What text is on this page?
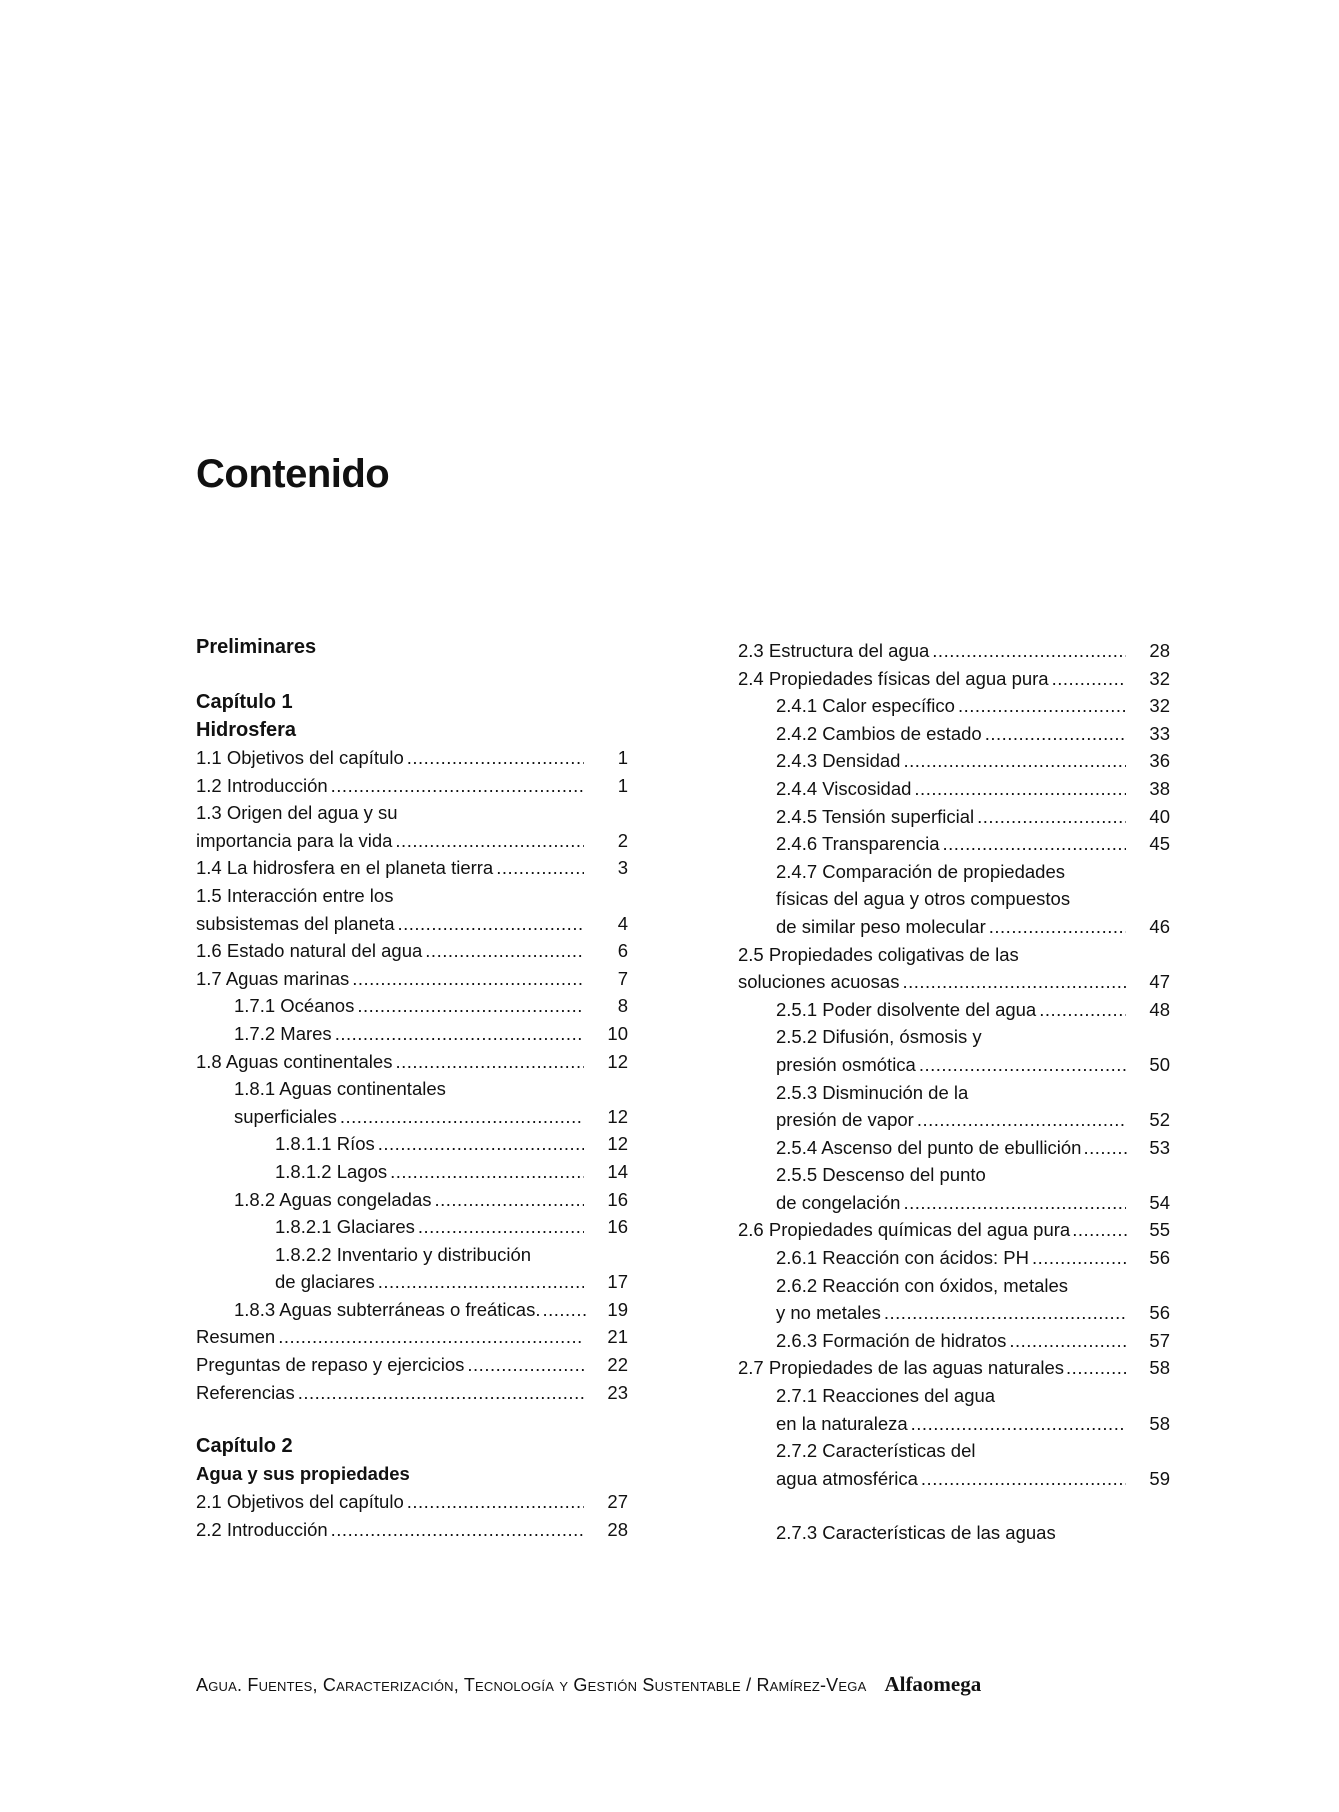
Contenido
Preliminares
Capítulo 1
Hidrosfera
1.1 Objetivos del capítulo .....	1
1.2 Introducción .....	1
1.3 Origen del agua y su
importancia para la vida .....	2
1.4 La hidrosfera en el planeta tierra .....	3
1.5 Interacción entre los
subsistemas del planeta .....	4
1.6 Estado natural del agua .....	6
1.7 Aguas marinas .....	7
1.7.1 Océanos .....	8
1.7.2 Mares .....	10
1.8 Aguas continentales .....	12
1.8.1 Aguas continentales
superficiales .....	12
1.8.1.1 Ríos .....	12
1.8.1.2 Lagos .....	14
1.8.2 Aguas congeladas .....	16
1.8.2.1 Glaciares .....	16
1.8.2.2 Inventario y distribución
de glaciares .....	17
1.8.3 Aguas subterráneas o freáticas. .....	19
Resumen .....	21
Preguntas de repaso y ejercicios .....	22
Referencias .....	23
Capítulo 2
Agua y sus propiedades
2.1 Objetivos del capítulo .....	27
2.2 Introducción .....	28
2.3 Estructura del agua .....	28
2.4 Propiedades físicas del agua pura .....	32
2.4.1 Calor específico .....	32
2.4.2 Cambios de estado .....	33
2.4.3 Densidad .....	36
2.4.4 Viscosidad .....	38
2.4.5 Tensión superficial .....	40
2.4.6 Transparencia .....	45
2.4.7 Comparación de propiedades
físicas del agua y otros compuestos
de similar peso molecular .....	46
2.5 Propiedades coligativas de las
soluciones acuosas .....	47
2.5.1 Poder disolvente del agua .....	48
2.5.2 Difusión, ósmosis y
presión osmótica .....	50
2.5.3 Disminución de la
presión de vapor .....	52
2.5.4 Ascenso del punto de ebullición .....	53
2.5.5 Descenso del punto
de congelación .....	54
2.6 Propiedades químicas del agua pura .....	55
2.6.1 Reacción con ácidos: PH .....	56
2.6.2 Reacción con óxidos, metales
y no metales .....	56
2.6.3 Formación de hidratos .....	57
2.7 Propiedades de las aguas naturales .....	58
2.7.1 Reacciones del agua
en la naturaleza .....	58
2.7.2 Características del
agua atmosférica .....	59
2.7.3 Características de las aguas
Agua. Fuentes, Caracterización, Tecnología y Gestión Sustentable / Ramírez-Vega Alfaomega
